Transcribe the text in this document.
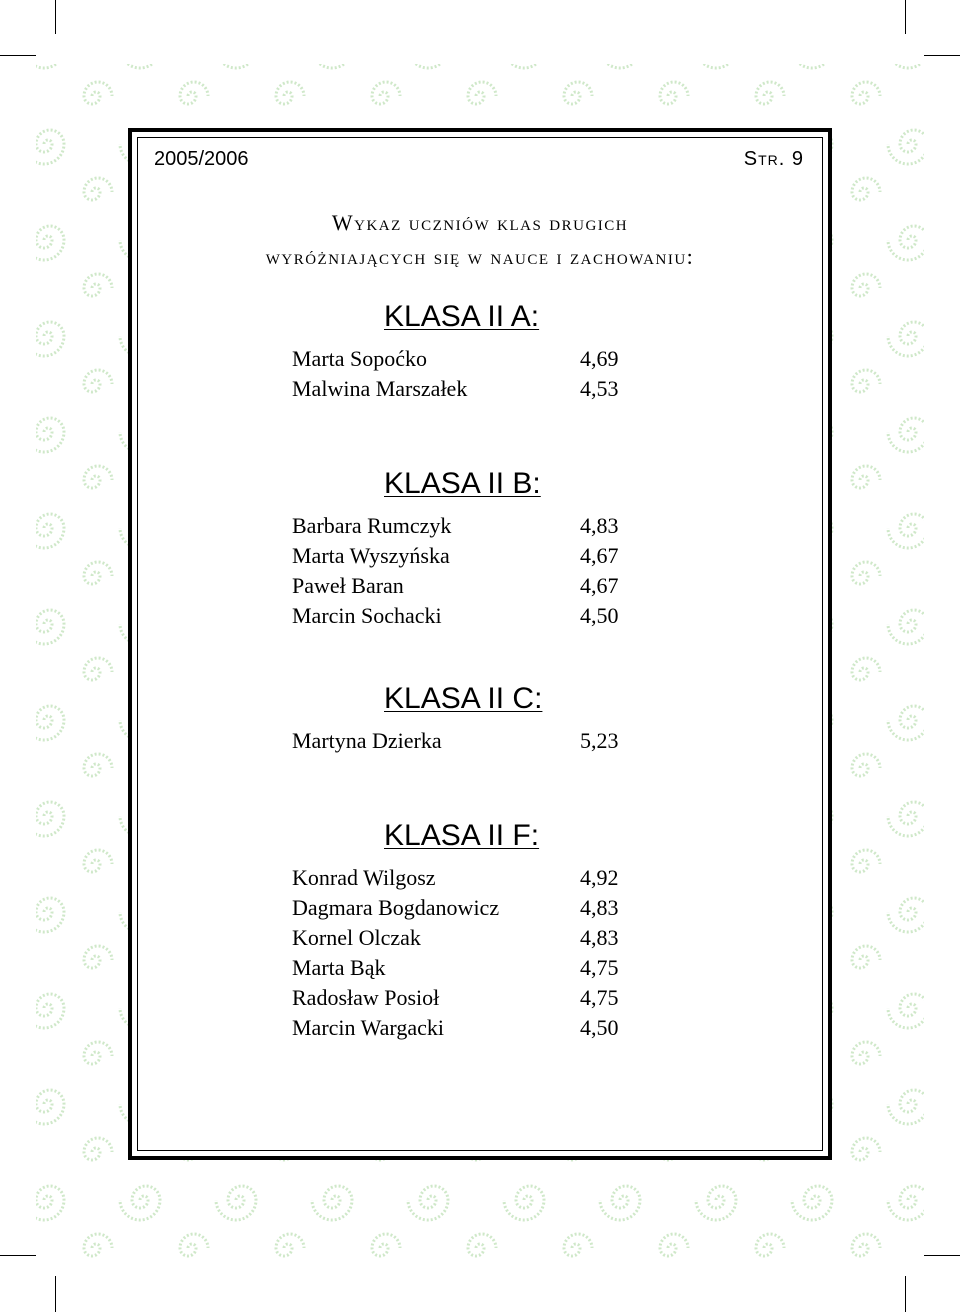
2005/2006	Str. 9
Wykaz uczniów klas drugich
wyróżniających się w nauce i zachowaniu:
KLASA II A:
Marta Sopoćko	4,69
Malwina Marszałek	4,53
KLASA II B:
Barbara Rumczyk	4,83
Marta Wyszyńska	4,67
Paweł Baran	4,67
Marcin Sochacki	4,50
KLASA II C:
Martyna Dzierka	5,23
KLASA II F:
Konrad Wilgosz	4,92
Dagmara Bogdanowicz	4,83
Kornel Olczak	4,83
Marta Bąk	4,75
Radosław Posioł	4,75
Marcin Wargacki	4,50
